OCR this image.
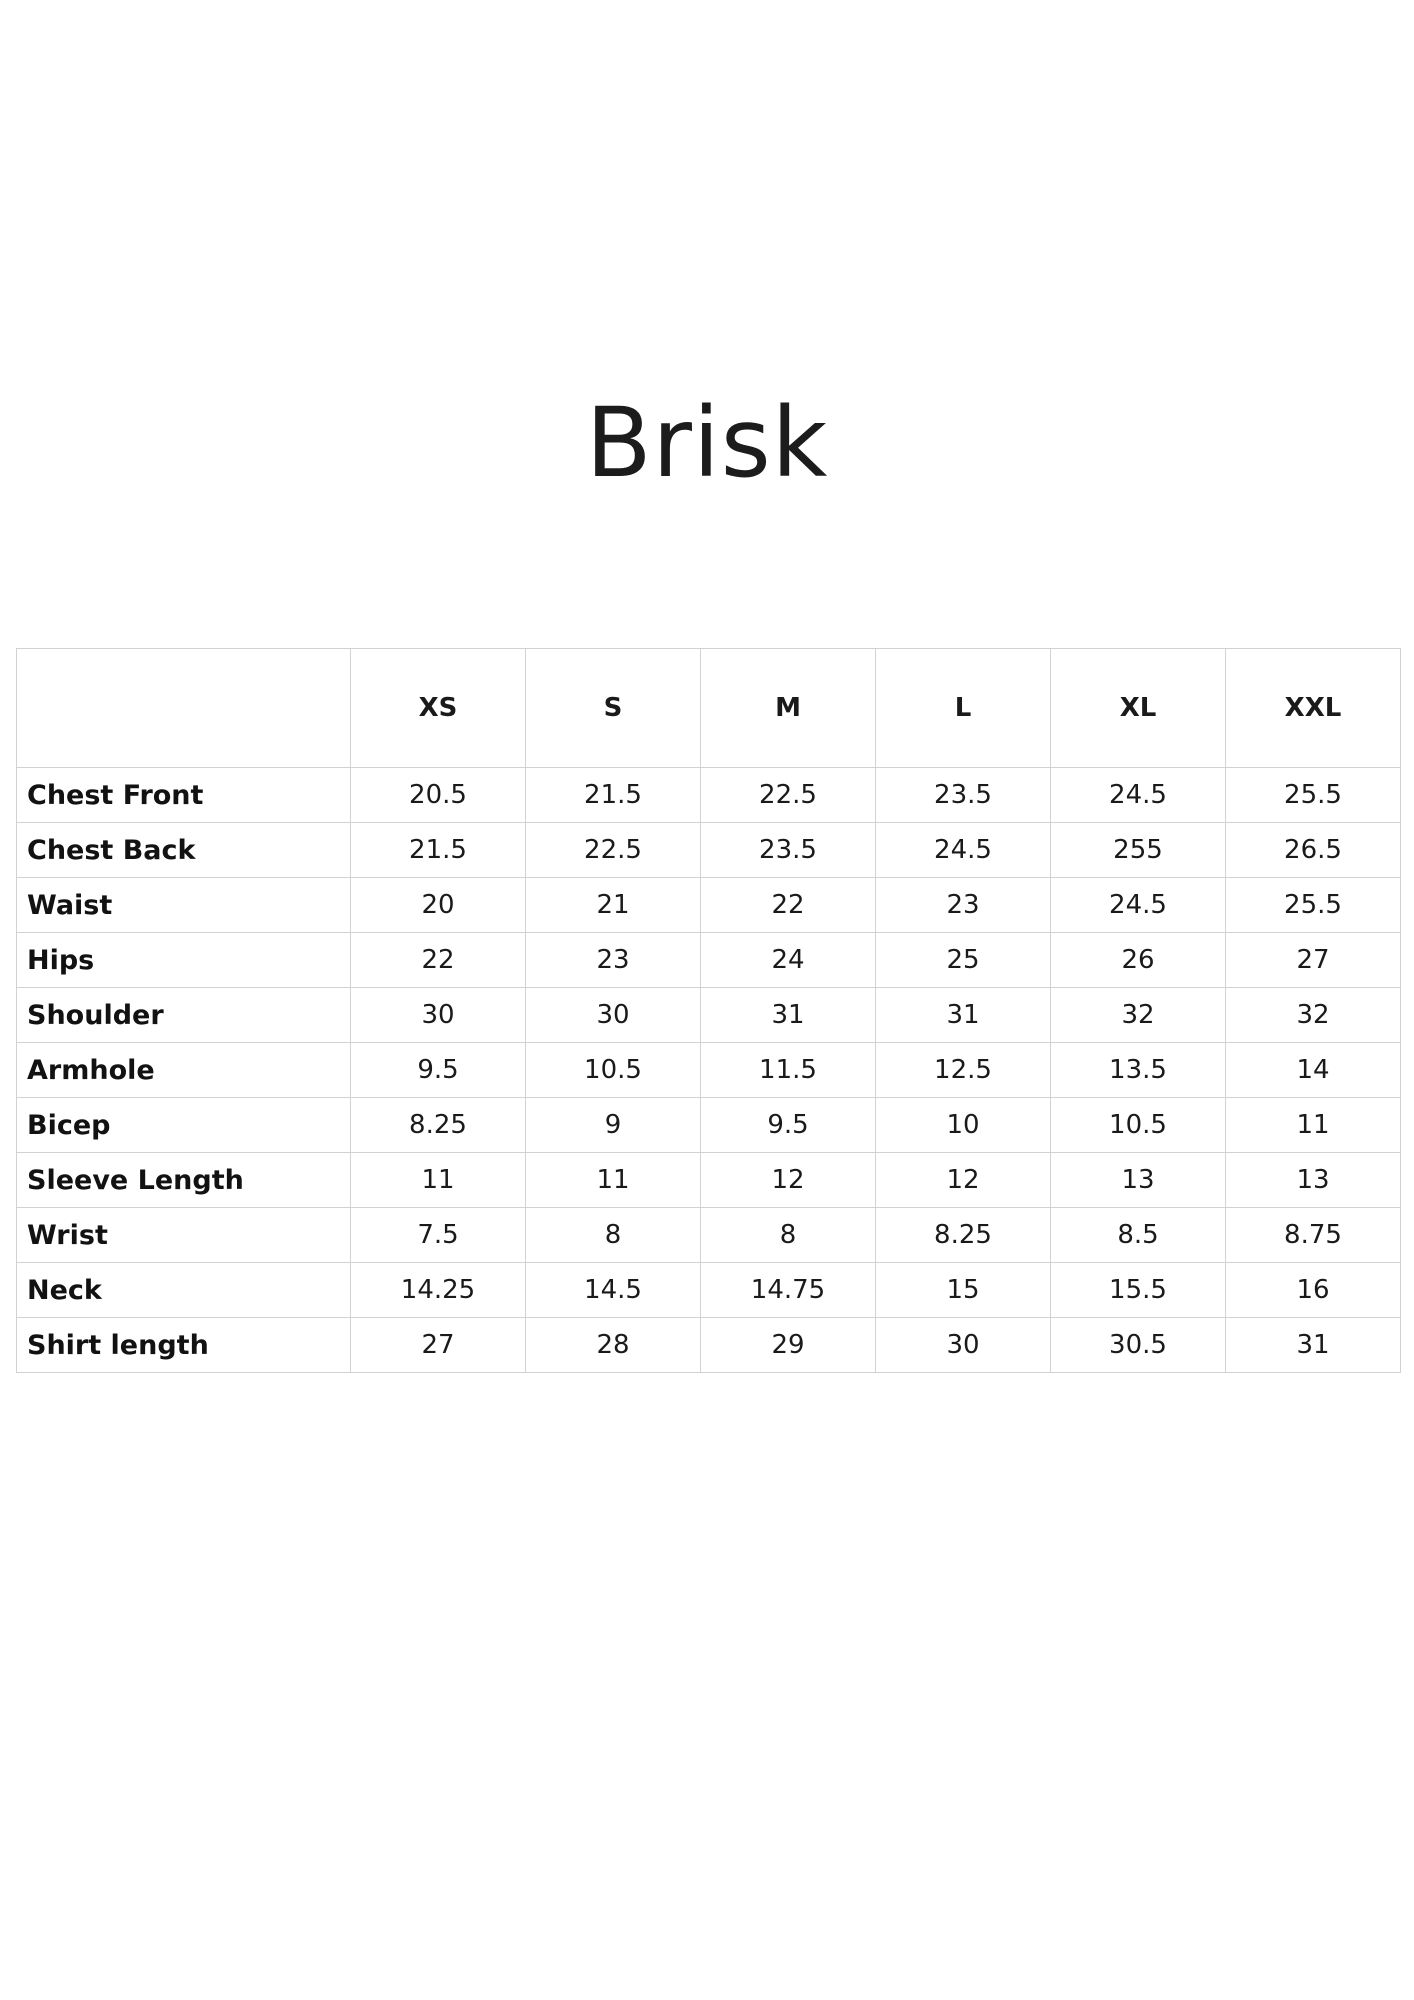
Brisk
	XS	S	M	L	XL	XXL
Chest Front	20.5	21.5	22.5	23.5	24.5	25.5
Chest Back	21.5	22.5	23.5	24.5	255	26.5
Waist	20	21	22	23	24.5	25.5
Hips	22	23	24	25	26	27
Shoulder	30	30	31	31	32	32
Armhole	9.5	10.5	11.5	12.5	13.5	14
Bicep	8.25	9	9.5	10	10.5	11
Sleeve Length	11	11	12	12	13	13
Wrist	7.5	8	8	8.25	8.5	8.75
Neck	14.25	14.5	14.75	15	15.5	16
Shirt length	27	28	29	30	30.5	31
